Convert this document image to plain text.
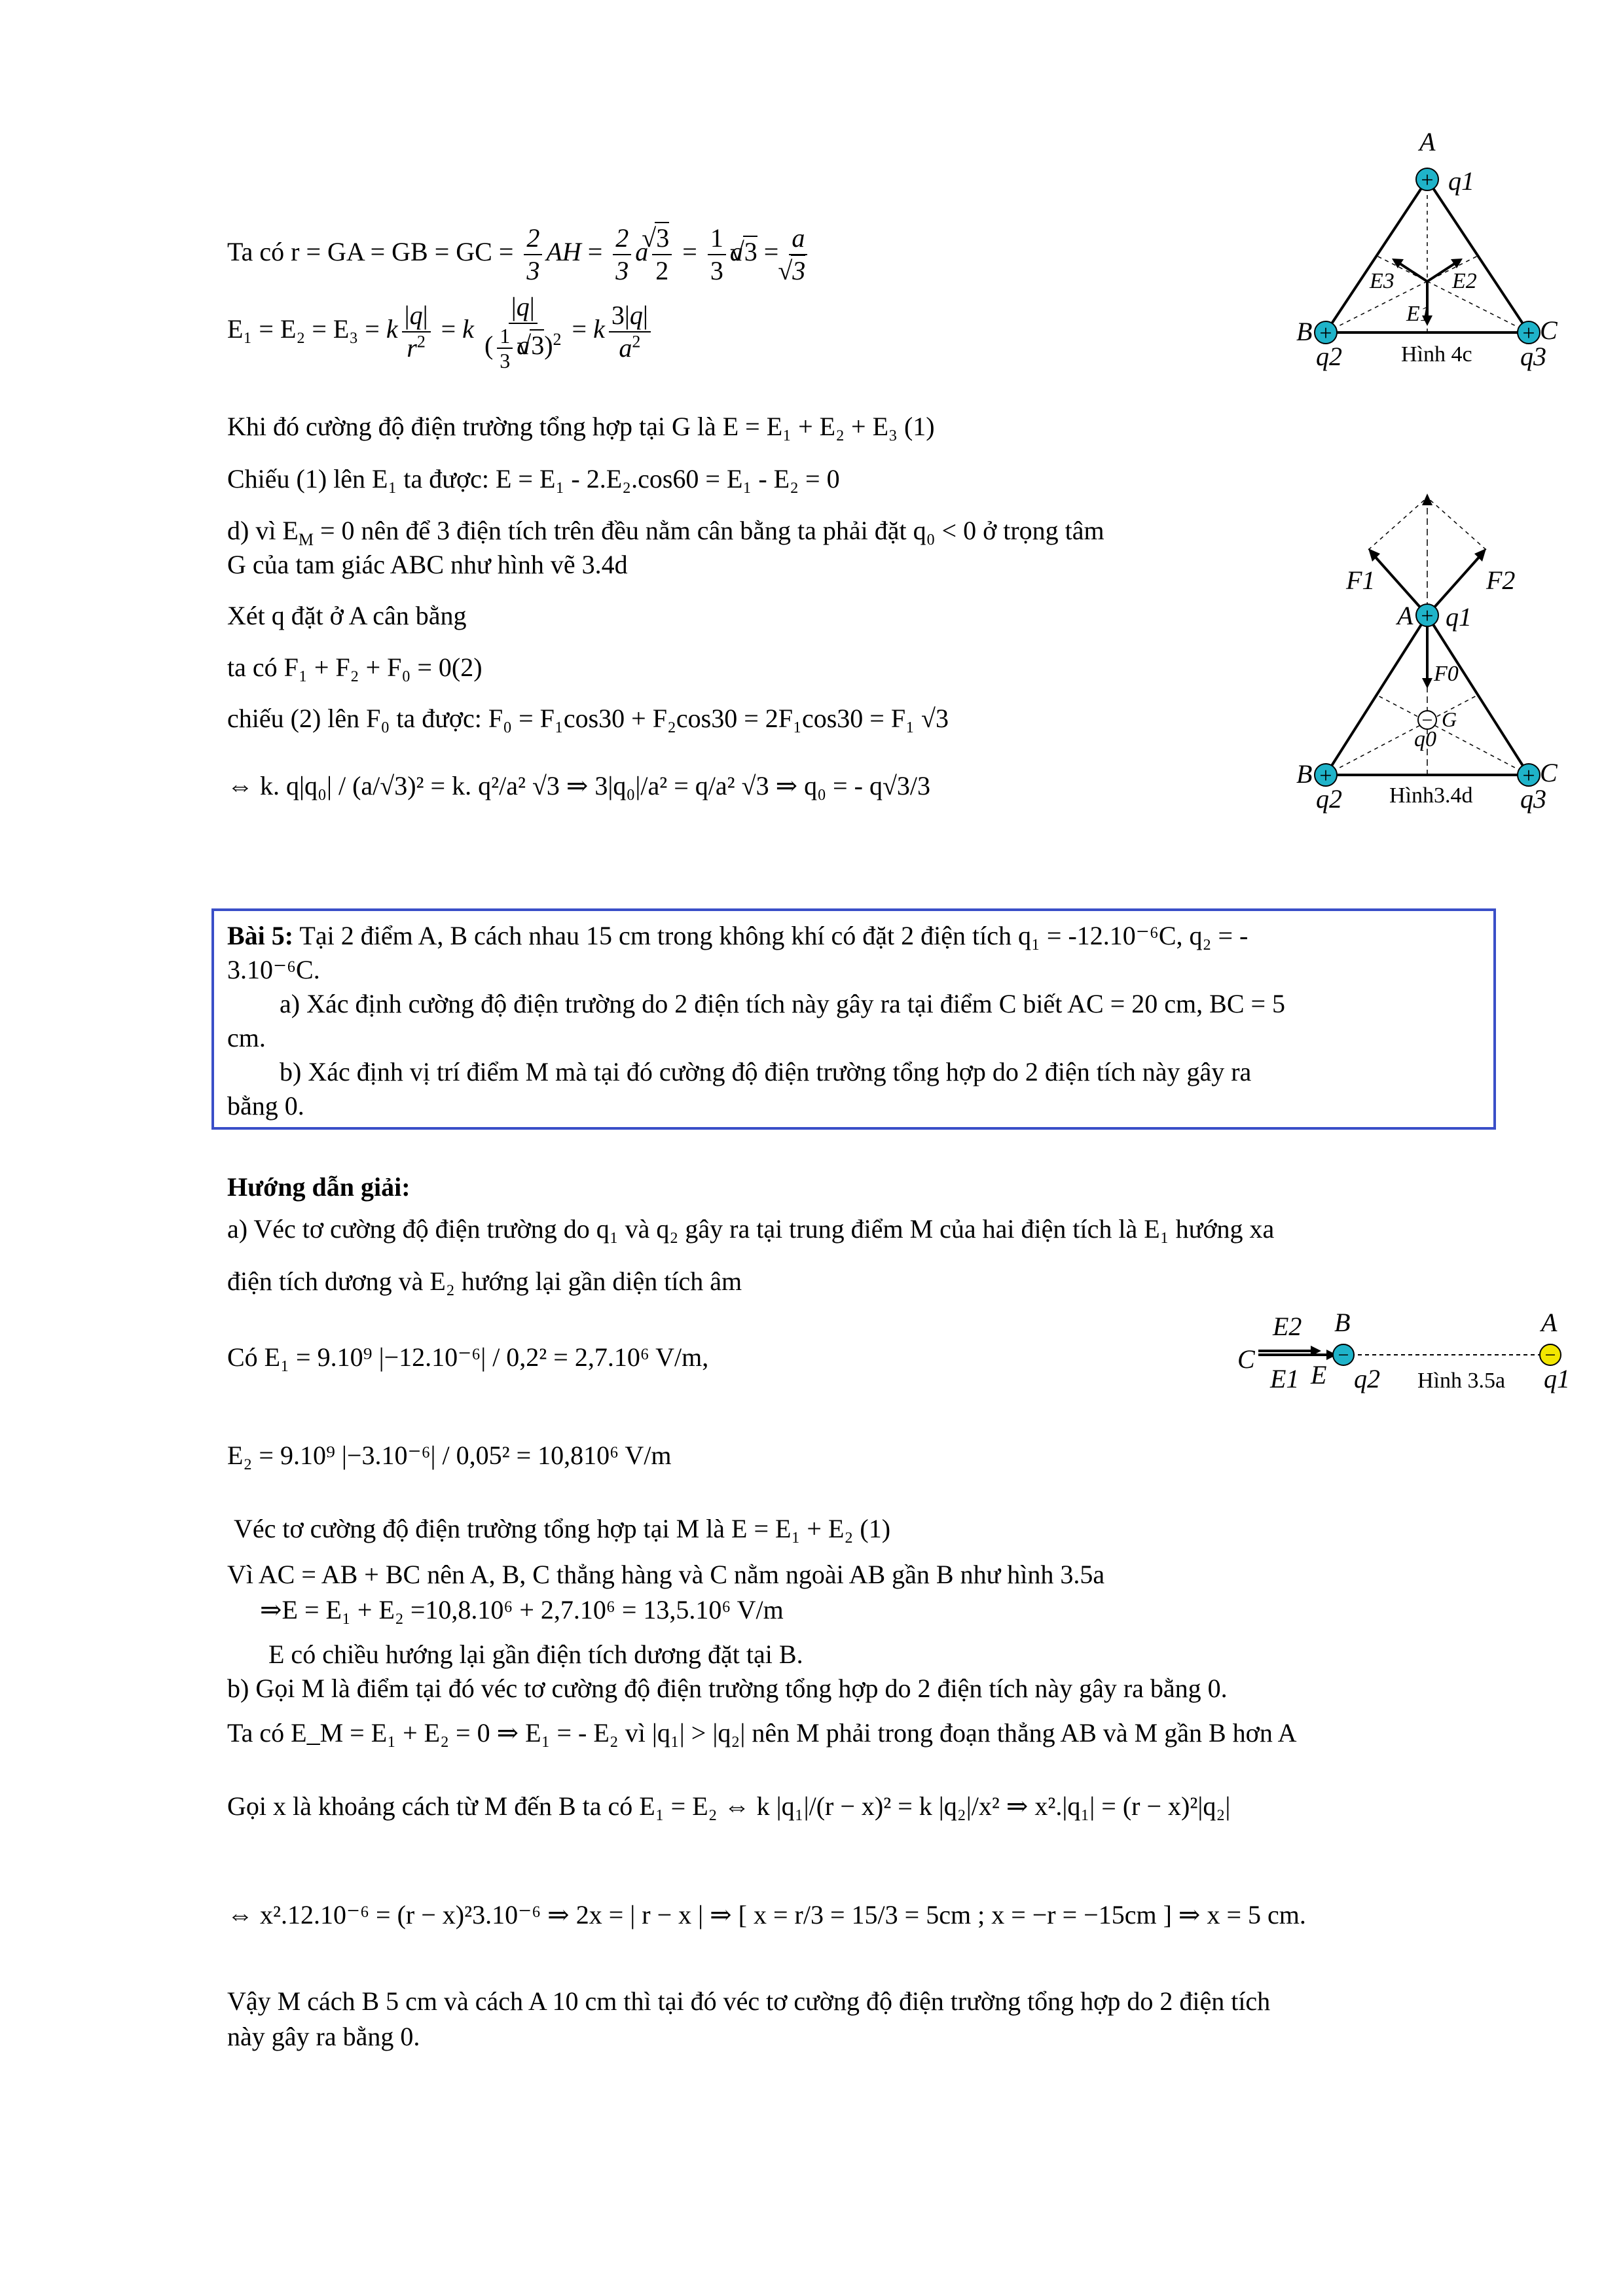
Ta có r = GA = GB = GC = $\frac{2}{3}$ AH = $\frac{2}{3}$ a √ $\frac{3}{2} = \frac{1}{3} a√$ 3 = a
√ 3
E₁ = E₂ = E₃ = k $\frac{|q|}{r^2} = k \frac{|q|}{( \frac{1}{3} a√ 3)^2} = k \frac{3|q|}{a^2}$
Khi đó cường độ điện trường tổng hợp tại G là E = E₁ + E₂ + E₃ (1)
Chiếu (1) lên E₁ ta được: E = E₁ - 2.E₂.cos60 = E₁ - E₂ = 0
d) vì $E_M = 0$ nên để 3 điện tích trên đều nằm cân bằng ta phải đặt q₀ < 0 ở trọng tâm
G của tam giác ABC như hình vẽ 3.4d
Xét q đặt ở A cân bằng
ta có F₁ + F₂ + F₀ = 0(2)
chiếu (2) lên F₀ ta được: F₀ = F₁cos30 + F₂cos30 = 2F₁cos30 = F₁ √3
⇔ k. q|q₀| / (a/√3)² = k. q²/a² √3 ⇒ 3|q₀|/a² = q/a² √3 ⇒ q₀ = - q√3/3
+
+	+
A
q1
B
q2
C
q3
E1
E2
E3
Hình 4c
−
+
+	+
F1	F2
A q1
F0
G
q0
B
q2
C
q3
Hình3.4d
Bài 5: Tại 2 điểm A, B cách nhau 15 cm trong không khí có đặt 2 điện tích q₁ = -12.10⁻⁶C, q₂ = -
3.10⁻⁶C.
a) Xác định cường độ điện trường do 2 điện tích này gây ra tại điểm C biết AC = 20 cm, BC = 5
cm.
b) Xác định vị trí điểm M mà tại đó cường độ điện trường tổng hợp do 2 điện tích này gây ra
bằng 0.
Hướng dẫn giải:
a) Véc tơ cường độ điện trường do q₁ và q₂ gây ra tại trung điểm M của hai điện tích là E₁ hướng xa
điện tích dương và E₂ hướng lại gần diện tích âm
Có E₁ = 9.10⁹ |−12.10⁻⁶| / 0,2² = 2,7.10⁶ V/m,
E₂ = 9.10⁹ |−3.10⁻⁶| / 0,05² = 10,810⁶ V/m
Véc tơ cường độ điện trường tổng hợp tại M là E = E₁ + E₂ (1)
Vì AC = AB + BC nên A, B, C thẳng hàng và C nằm ngoài AB gần B như hình 3.5a
⇒E = E₁ + E₂ =10,8.10⁶ + 2,7.10⁶ = 13,5.10⁶ V/m
E có chiều hướng lại gần điện tích dương đặt tại B.
b) Gọi M là điểm tại đó véc tơ cường độ điện trường tổng hợp do 2 điện tích này gây ra bằng 0.
Ta có E_M = E₁ + E₂ = 0 ⇒ E₁ = - E₂ vì |q₁| > |q₂| nên M phải trong đoạn thẳng AB và M gần B hơn A
Gọi x là khoảng cách từ M đến B ta có E₁ = E₂ ⇔ k |q₁|/(r − x)² = k |q₂|/x² ⇒ x².|q₁| = (r − x)²|q₂|
⇔ x².12.10⁻⁶ = (r − x)²3.10⁻⁶ ⇒ 2x = | r − x | ⇒ [ x = r/3 = 15/3 = 5cm ; x = −r = −15cm ] ⇒ x = 5 cm.
Vậy M cách B 5 cm và cách A 10 cm thì tại đó véc tơ cường độ điện trường tổng hợp do 2 điện tích
này gây ra bằng 0.
−	−
E2 B	A
C
E1 E q2	q1
Hình 3.5a
